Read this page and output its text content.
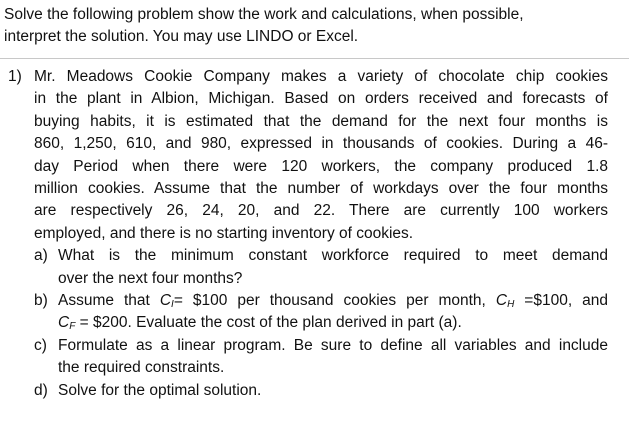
Solve the following problem show the work and calculations, when possible,
interpret the solution. You may use LINDO or Excel.
1) Mr. Meadows Cookie Company makes a variety of chocolate chip cookies
in the plant in Albion, Michigan. Based on orders received and forecasts of
buying habits, it is estimated that the demand for the next four months is
860, 1,250, 610, and 980, expressed in thousands of cookies. During a 46-
day Period when there were 120 workers, the company produced 1.8
million cookies. Assume that the number of workdays over the four months
are respectively 26, 24, 20, and 22. There are currently 100 workers
employed, and there is no starting inventory of cookies.
a) What is the minimum constant workforce required to meet demand
over the next four months?
b) Assume that $C_I=$ $100 per thousand cookies per month, $C_H$ =$100, and
$C_F$ = $200. Evaluate the cost of the plan derived in part (a).
c) Formulate as a linear program. Be sure to define all variables and include
the required constraints.
d) Solve for the optimal solution.
